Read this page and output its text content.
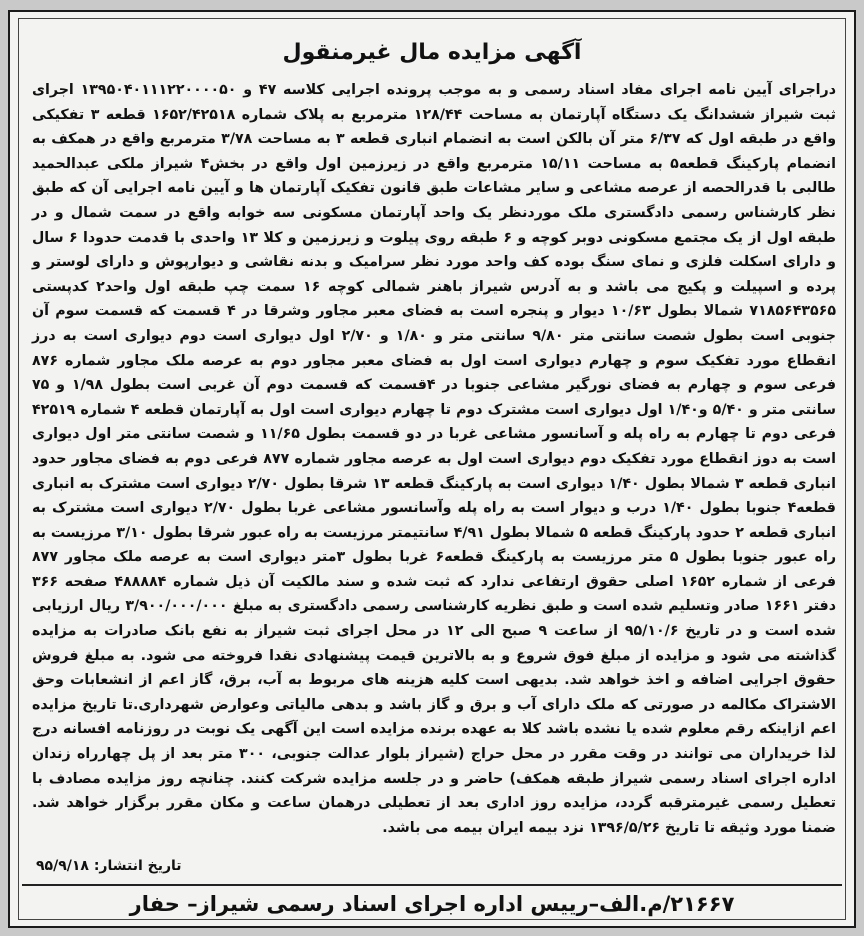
آگهی مزایده مال غیرمنقول
دراجرای آیین نامه اجرای مفاد اسناد رسمی و به موجب پرونده اجرایی کلاسه ۴۷ و ۱۳۹۵۰۴۰۱۱۱۲۲۰۰۰۰۵۰ اجرای ثبت شیراز ششدانگ یک دستگاه آپارتمان به مساحت ۱۲۸/۴۴ مترمربع به پلاک شماره ۱۶۵۲/۴۲۵۱۸ قطعه ۳ تفکیکی واقع در طبقه اول که ۶/۳۷ متر آن بالکن است به انضمام انباری قطعه ۳ به مساحت ۳/۷۸ مترمربع واقع در همکف به انضمام پارکینگ قطعه۵ به مساحت ۱۵/۱۱ مترمربع واقع در زیرزمین اول واقع در بخش۴ شیراز ملکی عبدالحمید طالبی با قدرالحصه از عرصه مشاعی و سایر مشاعات طبق قانون تفکیک آپارتمان ها و آیین نامه اجرایی آن که طبق نظر کارشناس رسمی دادگستری ملک موردنظر یک واحد آپارتمان مسکونی سه خوابه واقع در سمت شمال و در طبقه اول از یک مجتمع مسکونی دوبر کوچه و ۶ طبقه روی پیلوت و زیرزمین و کلا ۱۳ واحدی با قدمت حدودا ۶ سال و دارای اسکلت فلزی و نمای سنگ بوده کف واحد مورد نظر سرامیک و بدنه نقاشی و دیوارپوش و دارای لوستر و پرده و اسپیلت و پکیج می باشد و به آدرس شیراز باهنر شمالی کوچه ۱۶ سمت چپ طبقه اول واحد۲ کدپستی ۷۱۸۵۶۴۳۵۶۵ شمالا بطول ۱۰/۶۳ دیوار و پنجره است به فضای معبر مجاور وشرقا در ۴ قسمت که قسمت سوم آن جنوبی است بطول شصت سانتی متر ۹/۸۰ سانتی متر و ۱/۸۰ و ۲/۷۰ اول دیواری است دوم دیواری است به درز انقطاع مورد تفکیک سوم و چهارم دیواری است اول به فضای معبر مجاور دوم به عرصه ملک مجاور شماره ۸۷۶ فرعی سوم و چهارم به فضای نورگیر مشاعی جنوبا در ۴قسمت که قسمت دوم آن غربی است بطول ۱/۹۸ و ۷۵ سانتی متر و ۵/۴۰ و۱/۴۰ اول دیواری است مشترک دوم تا چهارم دیواری است اول به آپارتمان قطعه ۴ شماره ۴۲۵۱۹ فرعی دوم تا چهارم به راه پله و آسانسور مشاعی غربا در دو قسمت بطول ۱۱/۶۵ و شصت سانتی متر اول دیواری است به دوز انقطاع مورد تفکیک دوم دیواری است اول به عرصه مجاور شماره ۸۷۷ فرعی دوم به فضای مجاور حدود انباری قطعه ۳ شمالا بطول ۱/۴۰ دیواری است به پارکینگ قطعه ۱۳ شرقا بطول ۲/۷۰ دیواری است مشترک به انباری قطعه۴ جنوبا بطول ۱/۴۰ درب و دیوار است به راه پله وآسانسور مشاعی غربا بطول ۲/۷۰ دیواری است مشترک به انباری قطعه ۲ حدود پارکینگ قطعه ۵ شمالا بطول ۴/۹۱ سانتیمتر مرزیست به راه عبور شرقا بطول ۳/۱۰ مرزیست به راه عبور جنوبا بطول ۵ متر مرزیست به پارکینگ قطعه۶ غربا بطول ۳متر دیواری است به عرصه ملک مجاور ۸۷۷ فرعی از شماره ۱۶۵۲ اصلی حقوق ارتفاعی ندارد که ثبت شده و سند مالکیت آن ذیل شماره ۴۸۸۸۸۴ صفحه ۳۶۶ دفتر ۱۶۶۱ صادر وتسلیم شده است و طبق نظریه کارشناسی رسمی دادگستری به مبلغ ۳/۹۰۰/۰۰۰/۰۰۰ ریال ارزیابی شده است و در تاریخ ۹۵/۱۰/۶ از ساعت ۹ صبح الی ۱۲ در محل اجرای ثبت شیراز به نفع بانک صادرات به مزایده گذاشته می شود و مزایده از مبلغ فوق شروع و به بالاترین قیمت پیشنهادی نقدا فروخته می شود. به مبلغ فروش حقوق اجرایی اضافه و اخذ خواهد شد. بدیهی است کلیه هزینه های مربوط به آب، برق، گاز اعم از انشعابات وحق الاشتراک مکالمه در صورتی که ملک دارای آب و برق و گاز باشد و بدهی مالیاتی وعوارض شهرداری.تا تاریخ مزایده اعم ازاینکه رقم معلوم شده یا نشده باشد کلا به عهده برنده مزایده است این آگهی یک نوبت در روزنامه افسانه درج لذا خریداران می توانند در وقت مقرر در محل حراج (شیراز بلوار عدالت جنوبی، ۳۰۰ متر بعد از پل چهارراه زندان اداره اجرای اسناد رسمی شیراز طبقه همکف) حاضر و در جلسه مزایده شرکت کنند. چنانچه روز مزایده مصادف با تعطیل رسمی غیرمترقبه گردد، مزایده روز اداری بعد از تعطیلی درهمان ساعت و مکان مقرر برگزار خواهد شد. ضمنا مورد وثیقه تا تاریخ ۱۳۹۶/۵/۲۶ نزد بیمه ایران بیمه می باشد.
تاریخ انتشار: ۹۵/۹/۱۸
۲۱۶۶۷/م.الف–رییس اداره اجرای اسناد رسمی شیراز– حفار
